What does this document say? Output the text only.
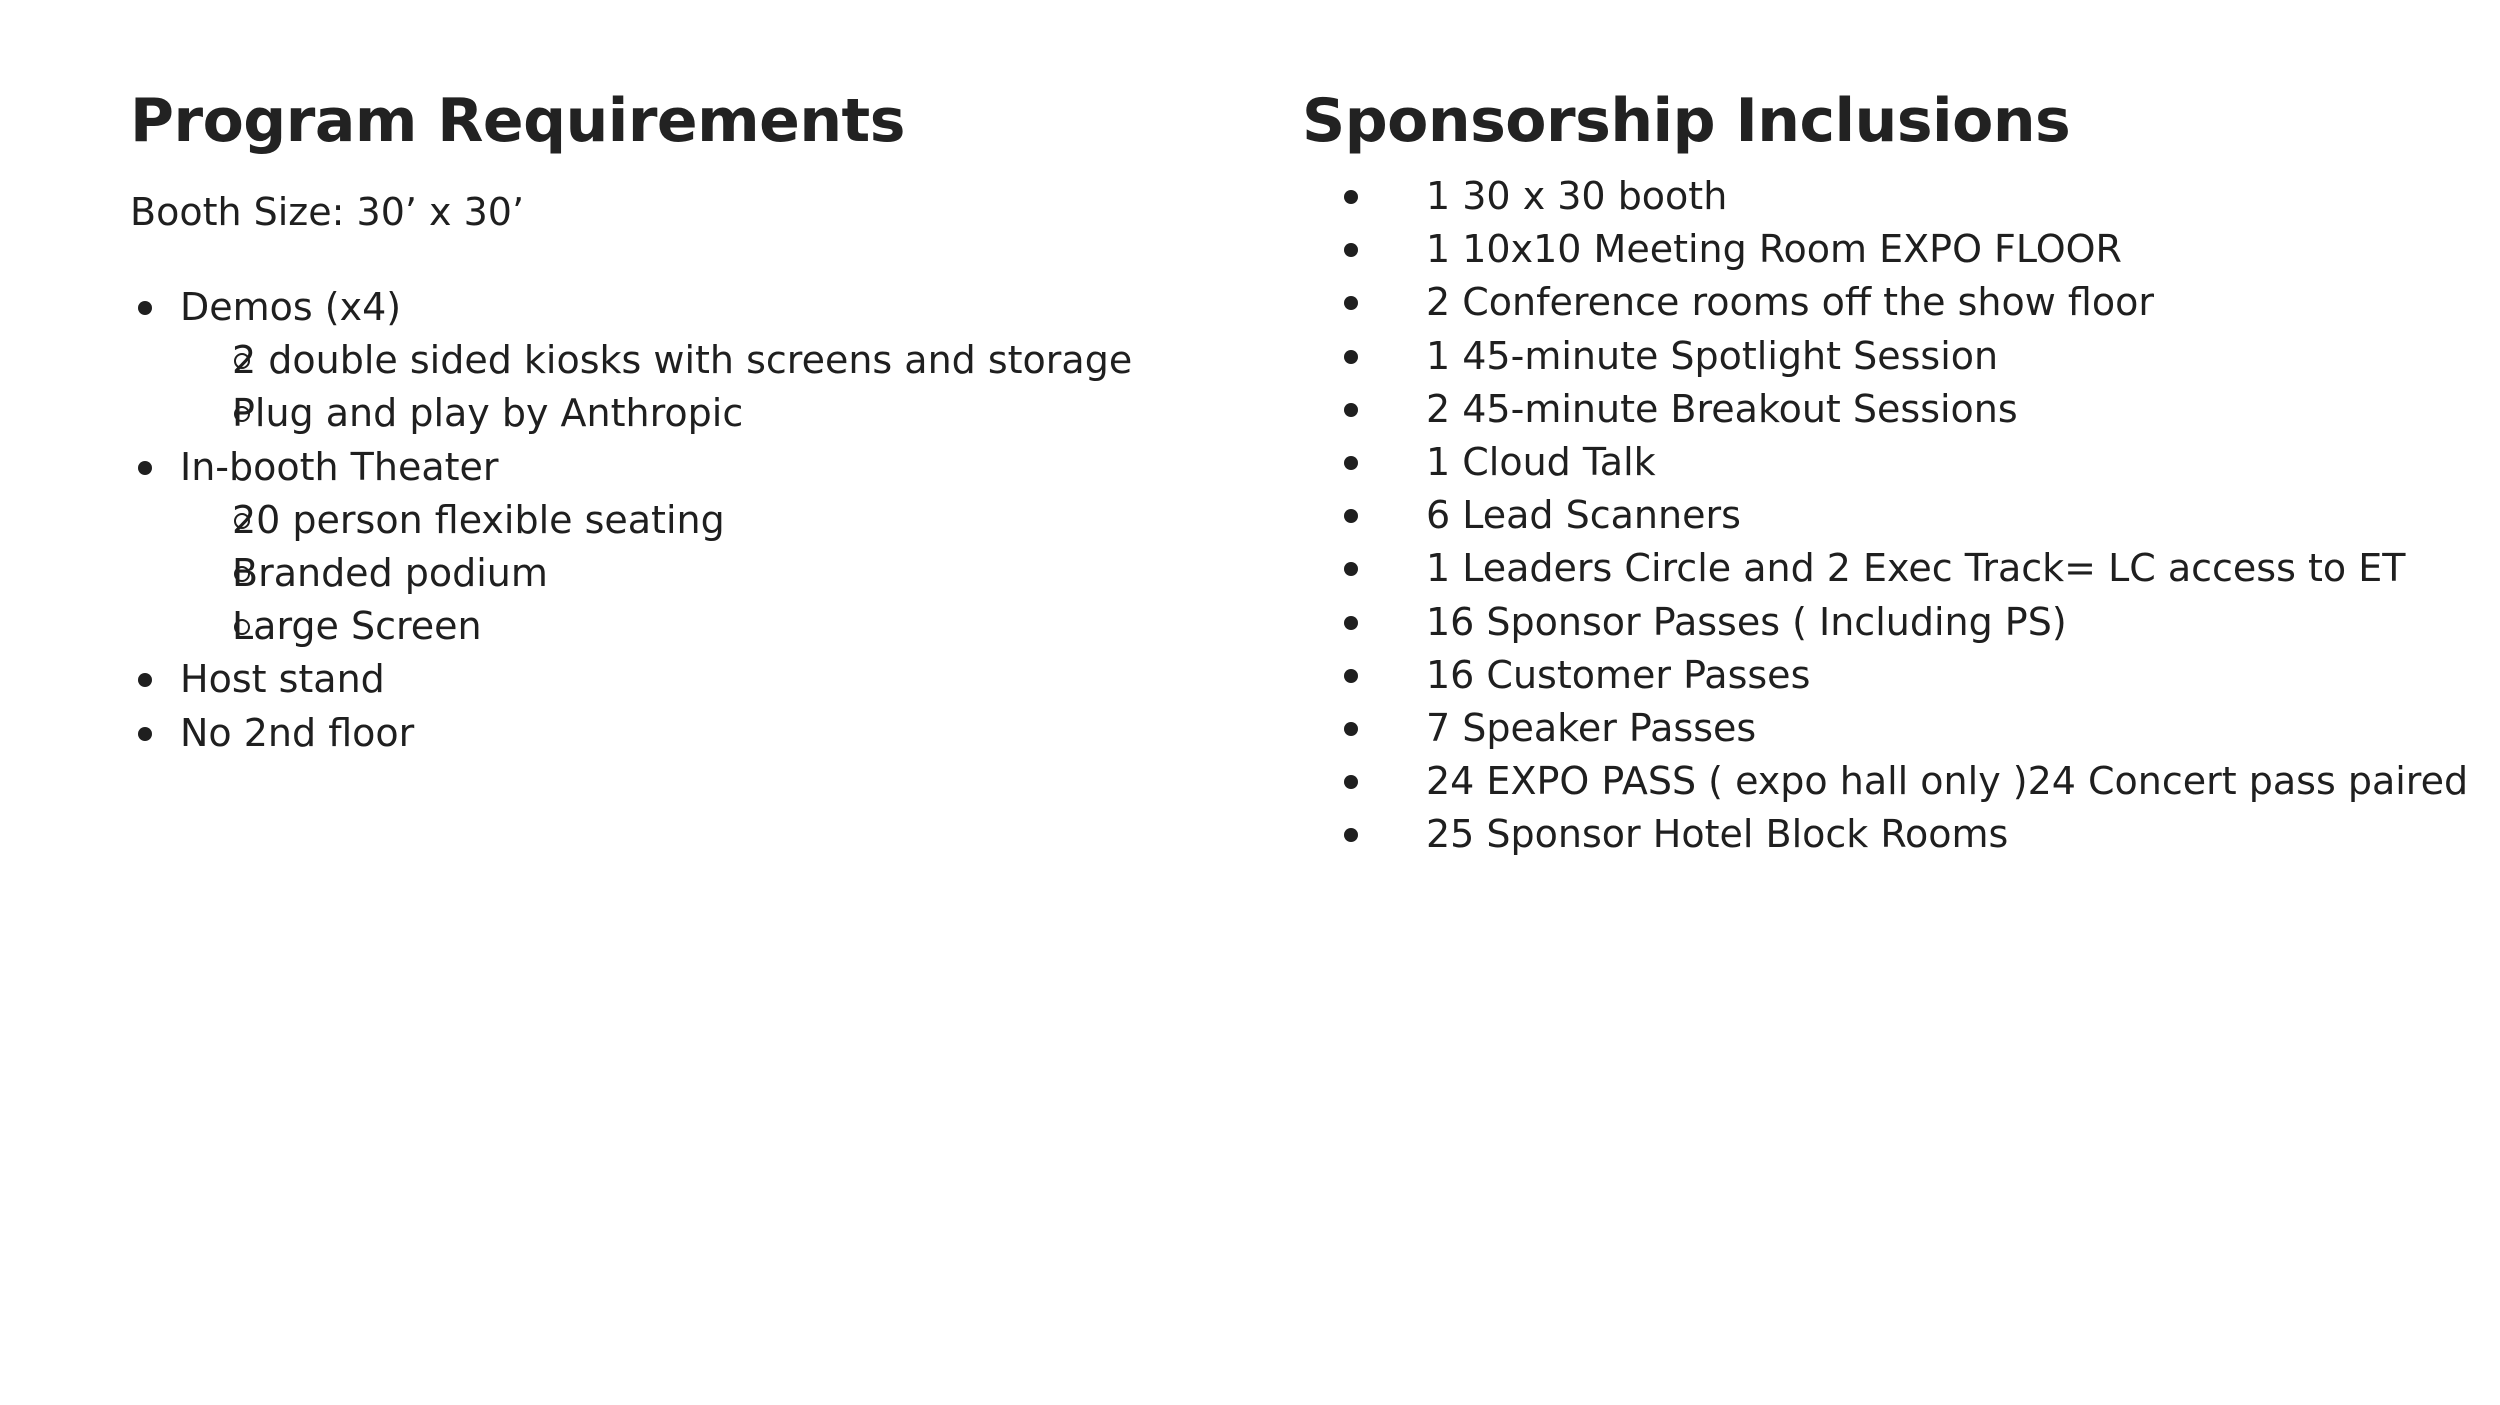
Program Requirements
Booth Size: 30’ x 30’
Demos (x4)
2 double sided kiosks with screens and storage
Plug and play by Anthropic
In-booth Theater
20 person flexible seating
Branded podium
Large Screen
Host stand
No 2nd floor
Sponsorship Inclusions
1 30 x 30 booth
1 10x10 Meeting Room EXPO FLOOR
2 Conference rooms off the show floor
1 45-minute Spotlight Session
2 45-minute Breakout Sessions
1 Cloud Talk
6 Lead Scanners
1 Leaders Circle and 2 Exec Track= LC access to ET
16 Sponsor Passes ( Including PS)
16 Customer Passes
7 Speaker Passes
24 EXPO PASS ( expo hall only )24 Concert pass paired
25 Sponsor Hotel Block Rooms
